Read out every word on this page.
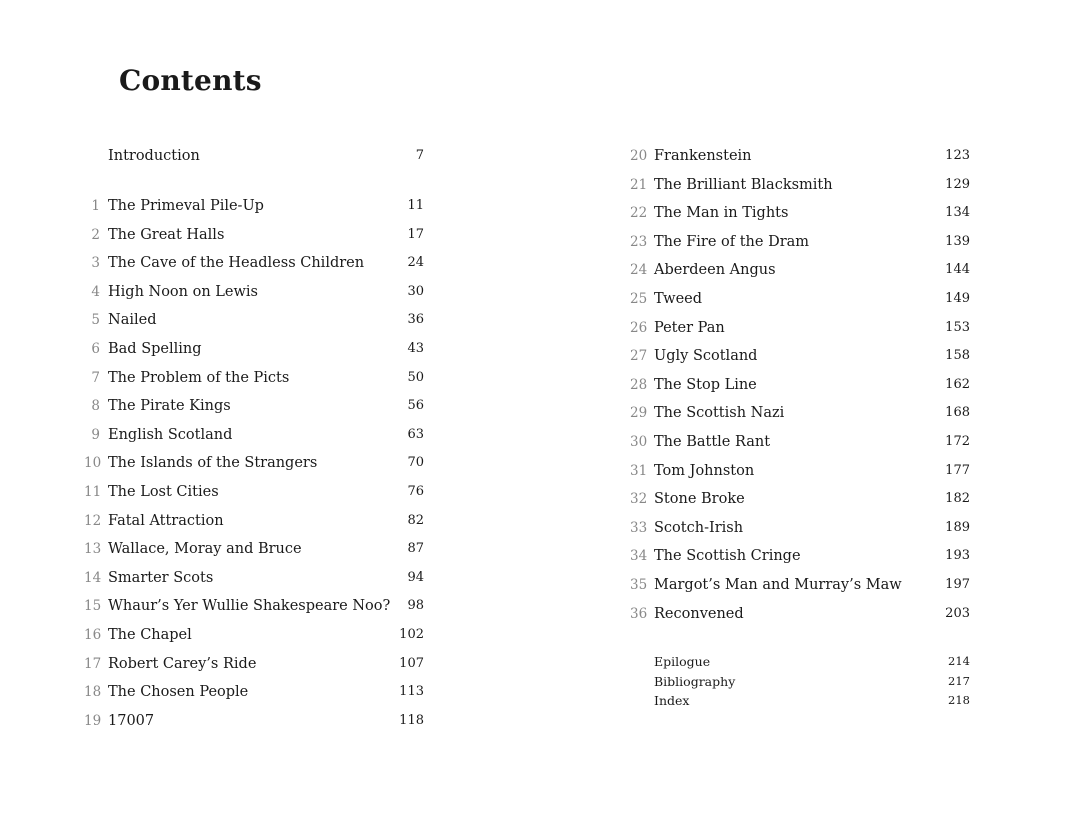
Contents
Introduction	7
1 The Primeval Pile-Up	11
2 The Great Halls	17
3 The Cave of the Headless Children	24
4 High Noon on Lewis	30
5 Nailed	36
6 Bad Spelling	43
7 The Problem of the Picts	50
8 The Pirate Kings	56
9 English Scotland	63
10 The Islands of the Strangers	70
11 The Lost Cities	76
12 Fatal Attraction	82
13 Wallace, Moray and Bruce	87
14 Smarter Scots	94
15 Whaur’s Yer Wullie Shakespeare Noo? 98
16 The Chapel	102
17 Robert Carey’s Ride	107
18 The Chosen People	113
19 17007	118
20 Frankenstein	123
21 The Brilliant Blacksmith	129
22 The Man in Tights	134
23 The Fire of the Dram	139
24 Aberdeen Angus	144
25 Tweed	149
26 Peter Pan	153
27 Ugly Scotland	158
28 The Stop Line	162
29 The Scottish Nazi	168
30 The Battle Rant	172
31 Tom Johnston	177
32 Stone Broke	182
33 Scotch-Irish	189
34 The Scottish Cringe	193
35 Margot’s Man and Murray’s Maw	197
36 Reconvened	203
Epilogue	214
Bibliography	217
Index	218
